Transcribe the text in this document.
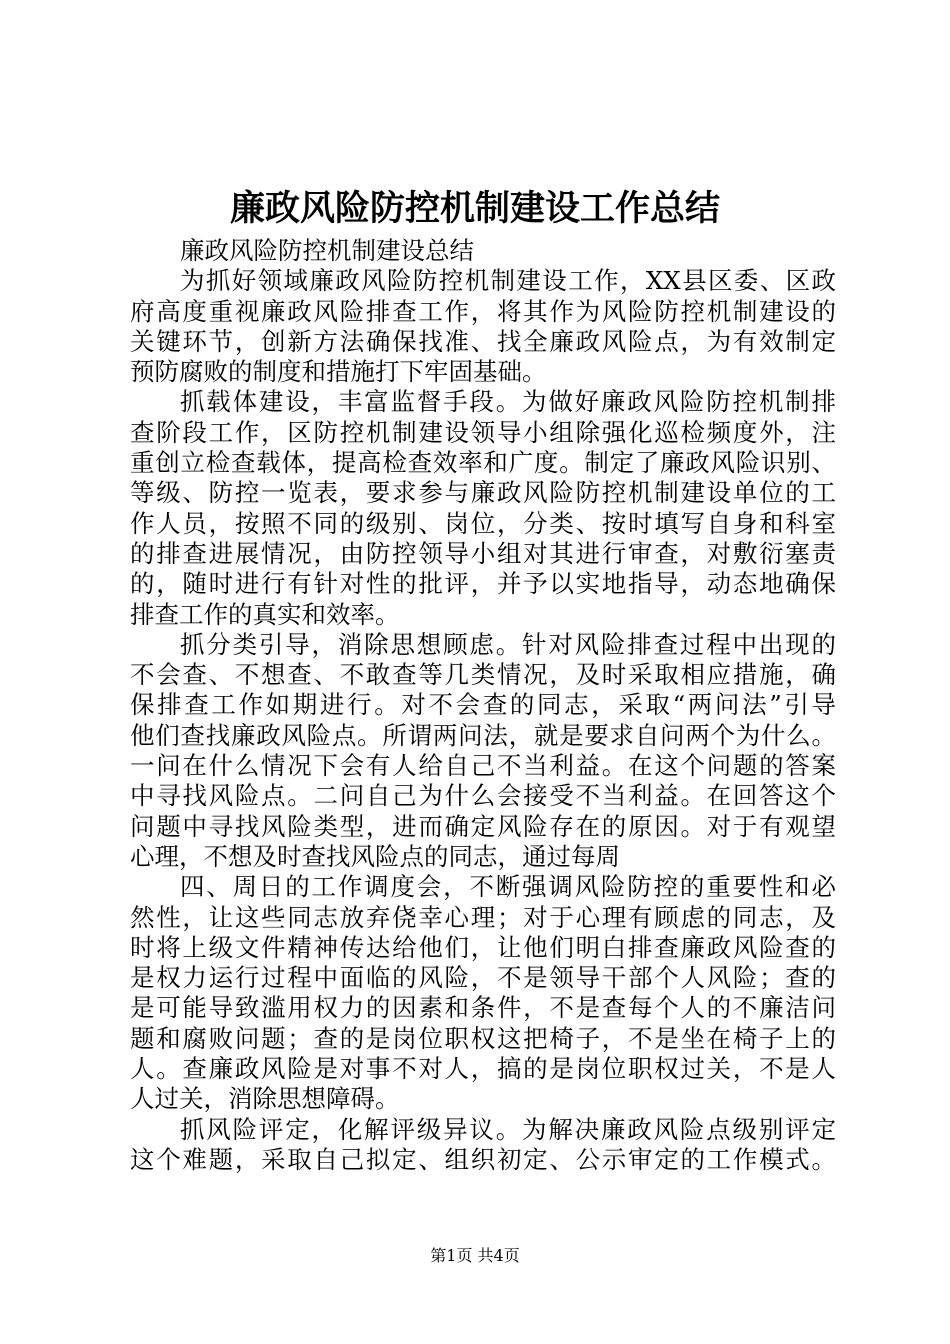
廉政风险防控机制建设工作总结
廉政风险防控机制建设总结
为抓好领域廉政风险防控机制建设工作，XX县区委、区政
府高度重视廉政风险排查工作，将其作为风险防控机制建设的
关键环节，创新方法确保找准、找全廉政风险点，为有效制定
预防腐败的制度和措施打下牢固基础。
抓载体建设，丰富监督手段。为做好廉政风险防控机制排
查阶段工作，区防控机制建设领导小组除强化巡检频度外，注
重创立检查载体，提高检查效率和广度。制定了廉政风险识别、
等级、防控一览表，要求参与廉政风险防控机制建设单位的工
作人员，按照不同的级别、岗位，分类、按时填写自身和科室
的排查进展情况，由防控领导小组对其进行审查，对敷衍塞责
的，随时进行有针对性的批评，并予以实地指导，动态地确保
排查工作的真实和效率。
抓分类引导，消除思想顾虑。针对风险排查过程中出现的
不会查、不想查、不敢查等几类情况，及时采取相应措施，确
保排查工作如期进行。对不会查的同志，采取“两问法”引导
他们查找廉政风险点。所谓两问法，就是要求自问两个为什么。
一问在什么情况下会有人给自己不当利益。在这个问题的答案
中寻找风险点。二问自己为什么会接受不当利益。在回答这个
问题中寻找风险类型，进而确定风险存在的原因。对于有观望
心理，不想及时查找风险点的同志，通过每周
四、周日的工作调度会，不断强调风险防控的重要性和必
然性，让这些同志放弃侥幸心理；对于心理有顾虑的同志，及
时将上级文件精神传达给他们，让他们明白排查廉政风险查的
是权力运行过程中面临的风险，不是领导干部个人风险；查的
是可能导致滥用权力的因素和条件，不是查每个人的不廉洁问
题和腐败问题；查的是岗位职权这把椅子，不是坐在椅子上的
人。查廉政风险是对事不对人，搞的是岗位职权过关，不是人
人过关，消除思想障碍。
抓风险评定，化解评级异议。为解决廉政风险点级别评定
这个难题，采取自己拟定、组织初定、公示审定的工作模式。
第1页 共4页
